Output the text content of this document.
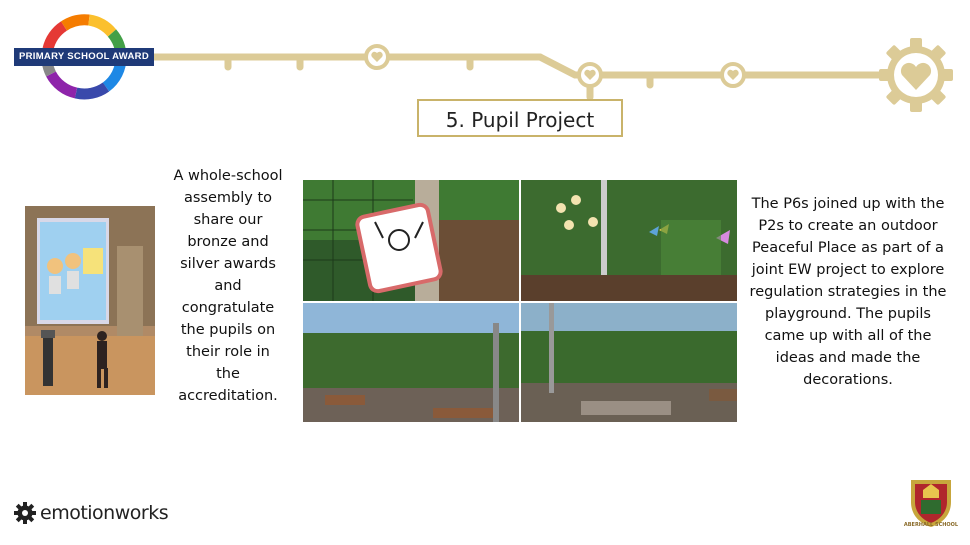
PRIMARY SCHOOL AWARD
5. Pupil Project
A whole-school assembly to share our bronze and silver awards and congratulate the pupils on their role in the accreditation.
The P6s joined up with the P2s to create an outdoor Peaceful Place as part of a joint EW project to explore regulation strategies in the playground. The pupils came up with all of the ideas and made the decorations.
emotionworks
ABERHALL SCHOOL
